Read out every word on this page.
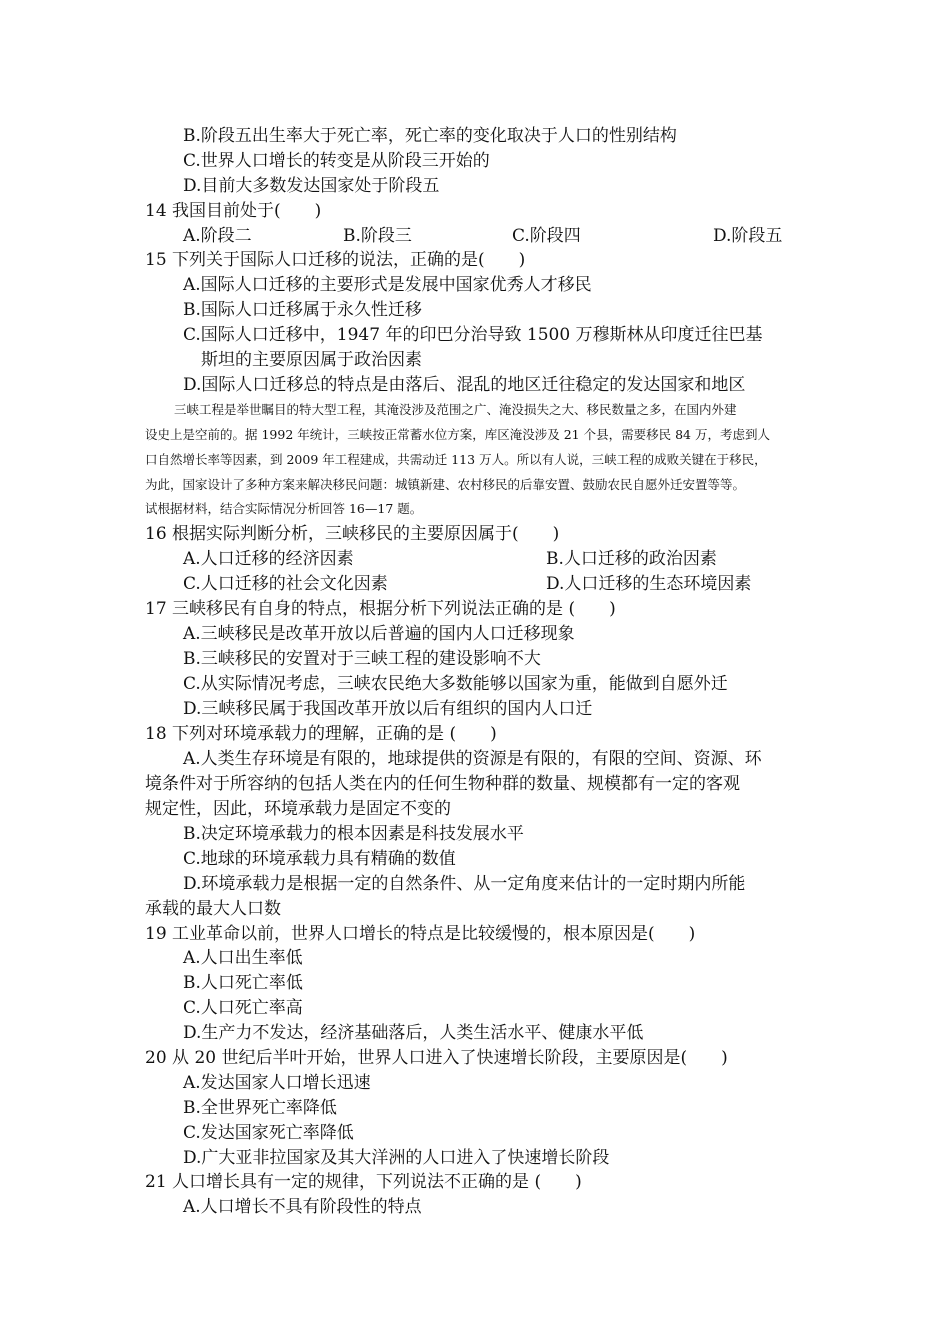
B.阶段五出生率大于死亡率，死亡率的变化取决于人口的性别结构
C.世界人口增长的转变是从阶段三开始的
D.目前大多数发达国家处于阶段五
14 我国目前处于(　　)
A.阶段二	B.阶段三	C.阶段四	D.阶段五
15 下列关于国际人口迁移的说法，正确的是(　　)
A.国际人口迁移的主要形式是发展中国家优秀人才移民
B.国际人口迁移属于永久性迁移
C.国际人口迁移中，1947 年的印巴分治导致 1500 万穆斯林从印度迁往巴基
斯坦的主要原因属于政治因素
D.国际人口迁移总的特点是由落后、混乱的地区迁往稳定的发达国家和地区
三峡工程是举世瞩目的特大型工程，其淹没涉及范围之广、淹没损失之大、移民数量之多，在国内外建
设史上是空前的。据 1992 年统计，三峡按正常蓄水位方案，库区淹没涉及 21 个县，需要移民 84 万，考虑到人
口自然增长率等因素，到 2009 年工程建成，共需动迁 113 万人。所以有人说，三峡工程的成败关键在于移民，
为此，国家设计了多种方案来解决移民问题：城镇新建、农村移民的后靠安置、鼓励农民自愿外迁安置等等。
试根据材料，结合实际情况分析回答 16—17 题。
16 根据实际判断分析，三峡移民的主要原因属于(　　)
A.人口迁移的经济因素	B.人口迁移的政治因素
C.人口迁移的社会文化因素	D.人口迁移的生态环境因素
17 三峡移民有自身的特点，根据分析下列说法正确的是 (　　)
A.三峡移民是改革开放以后普遍的国内人口迁移现象
B.三峡移民的安置对于三峡工程的建设影响不大
C.从实际情况考虑，三峡农民绝大多数能够以国家为重，能做到自愿外迁
D.三峡移民属于我国改革开放以后有组织的国内人口迁
18 下列对环境承载力的理解，正确的是 (　　)
A.人类生存环境是有限的，地球提供的资源是有限的，有限的空间、资源、环
境条件对于所容纳的包括人类在内的任何生物种群的数量、规模都有一定的客观
规定性，因此，环境承载力是固定不变的
B.决定环境承载力的根本因素是科技发展水平
C.地球的环境承载力具有精确的数值
D.环境承载力是根据一定的自然条件、从一定角度来估计的一定时期内所能
承载的最大人口数
19 工业革命以前，世界人口增长的特点是比较缓慢的，根本原因是(　　)
A.人口出生率低
B.人口死亡率低
C.人口死亡率高
D.生产力不发达，经济基础落后，人类生活水平、健康水平低
20 从 20 世纪后半叶开始，世界人口进入了快速增长阶段，主要原因是(　　)
A.发达国家人口增长迅速
B.全世界死亡率降低
C.发达国家死亡率降低
D.广大亚非拉国家及其大洋洲的人口进入了快速增长阶段
21 人口增长具有一定的规律，下列说法不正确的是 (　　)
A.人口增长不具有阶段性的特点
